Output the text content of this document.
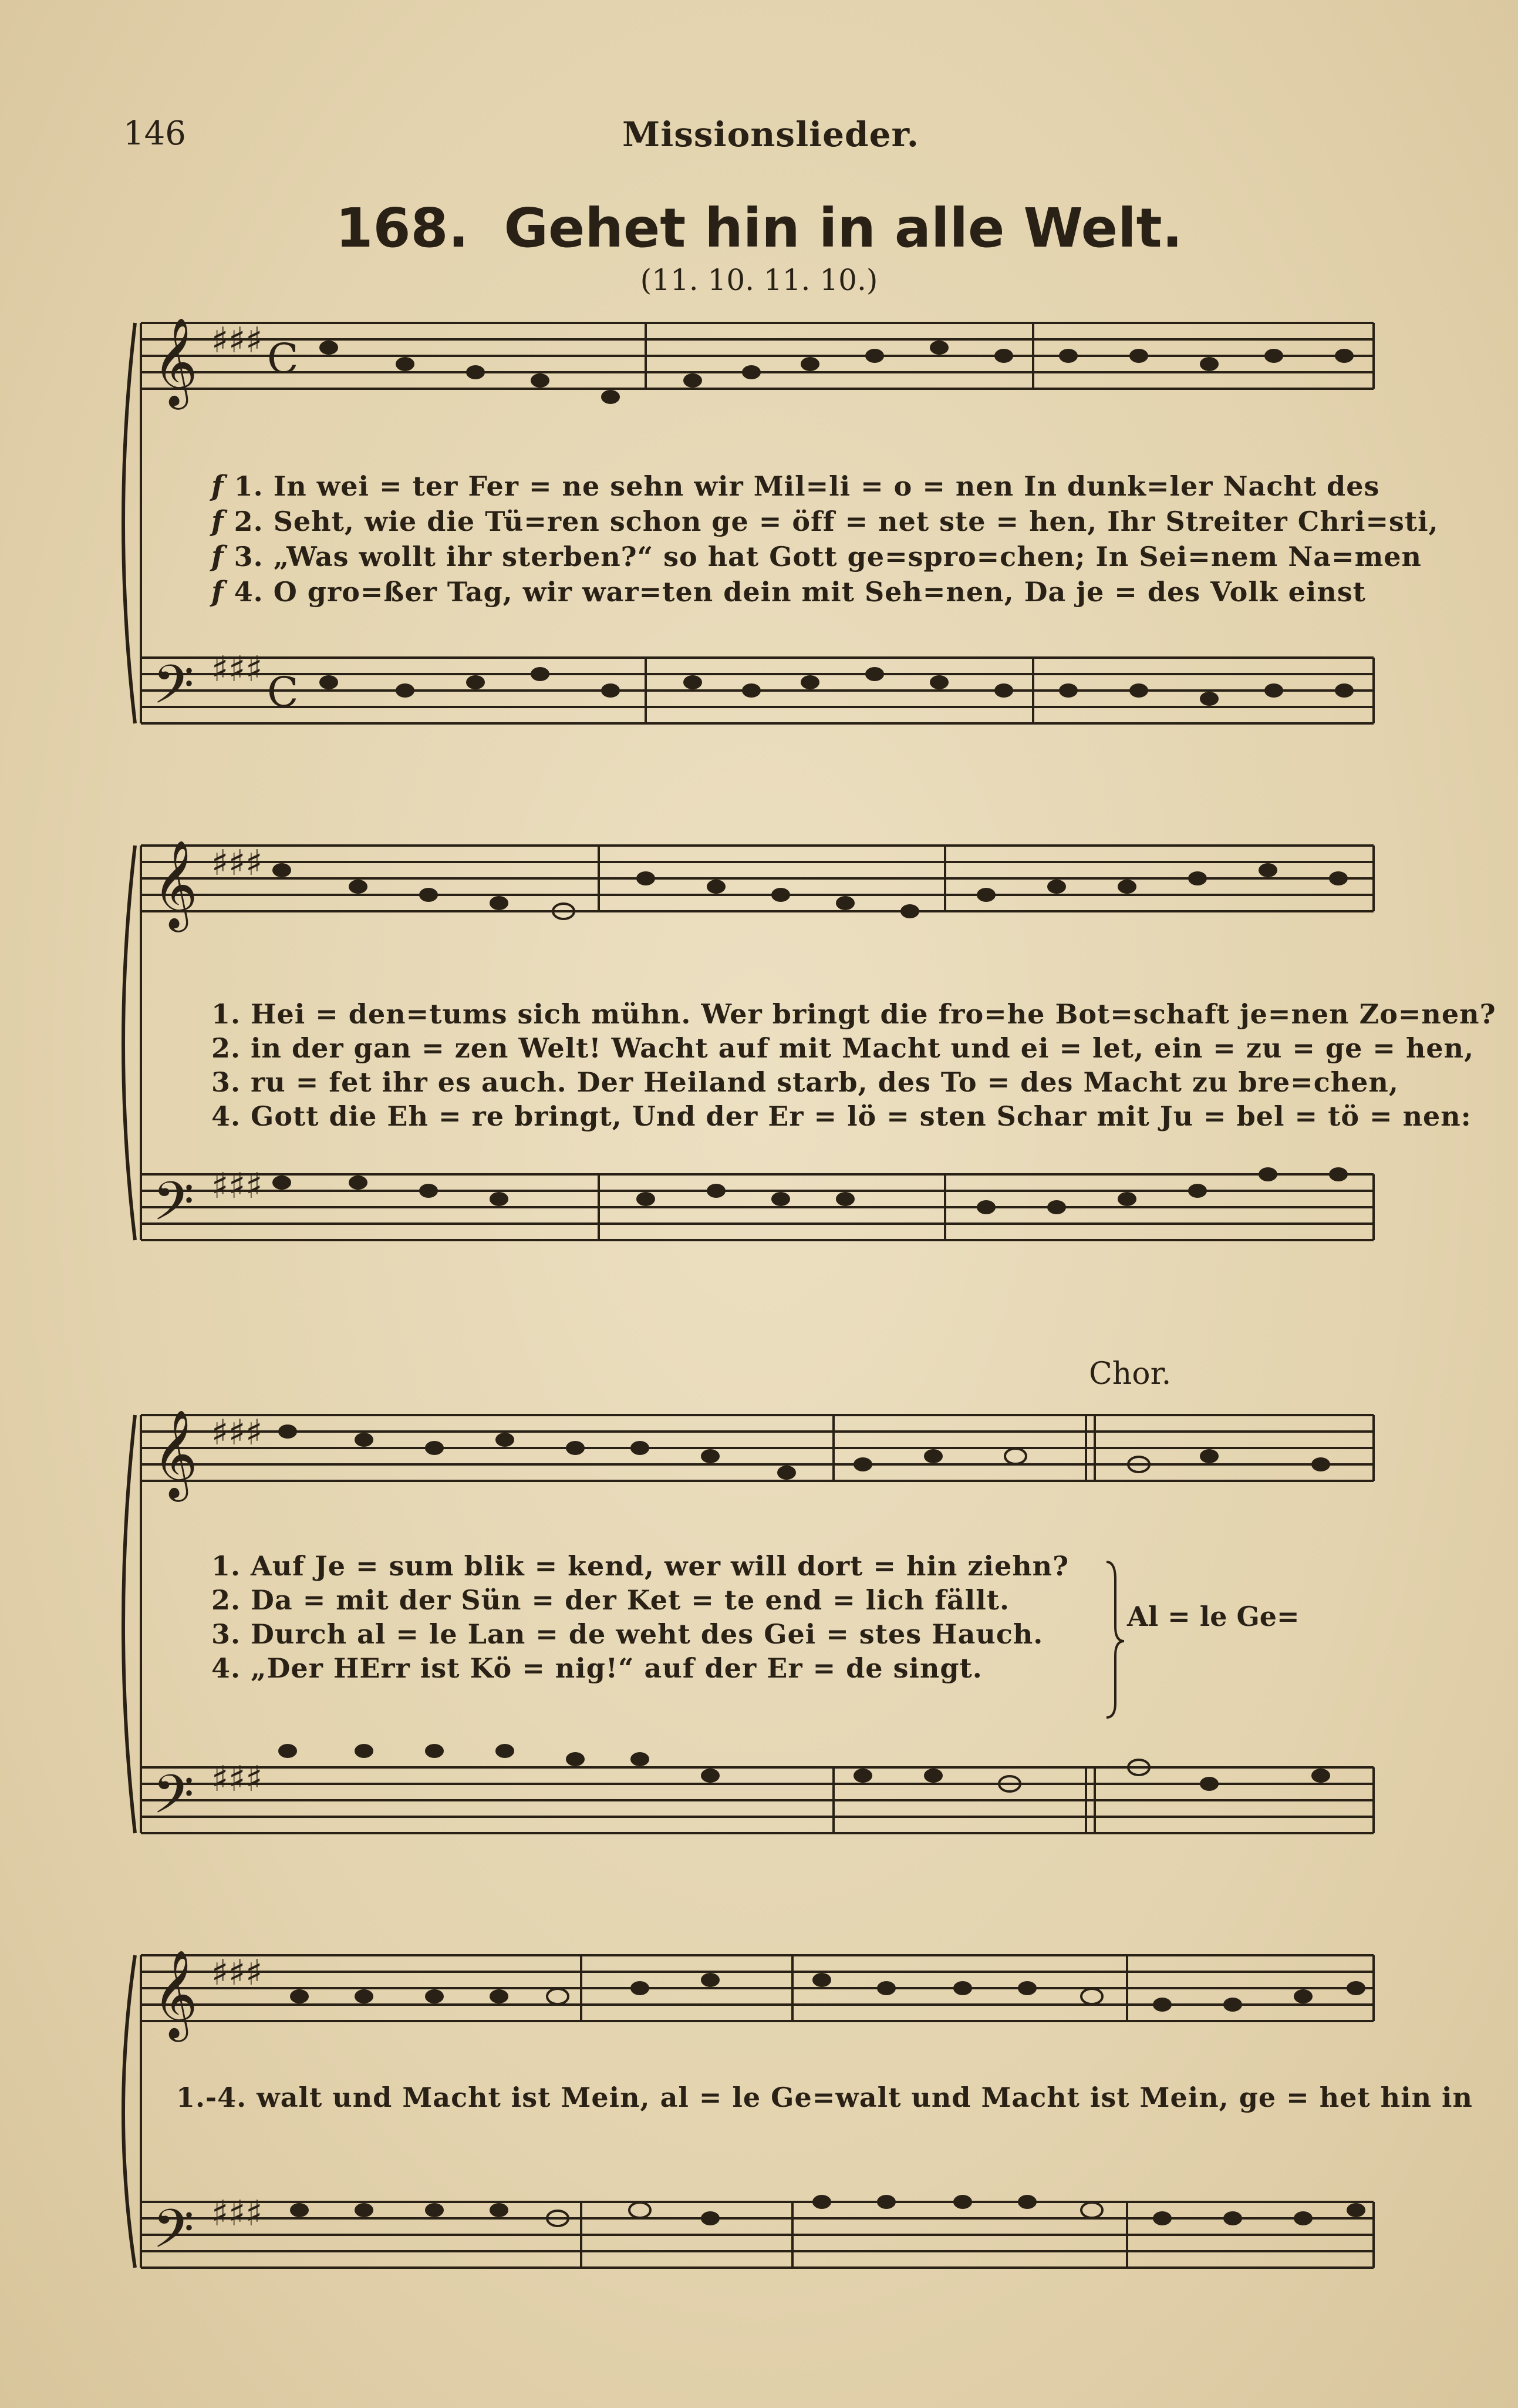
146	Missionslieder.
168. Gehet hin in alle Welt.
(11. 10. 11. 10.)
𝄞
𝄢
♯♯♯
♯♯♯
C
C
f 1. In wei = ter Fer = ne sehn wir Mil=li = o = nen In dunk=ler Nacht des
f 2. Seht, wie die Tü=ren schon ge = öff = net ste = hen, Ihr Streiter Chri=sti,
f 3. „Was wollt ihr sterben?“ so hat Gott ge=spro=chen; In Sei=nem Na=men
f 4. O gro=ßer Tag, wir war=ten dein mit Seh=nen, Da je = des Volk einst
𝄞
𝄢
♯♯♯
♯♯♯
1. Hei = den=tums sich mühn. Wer bringt die fro=he Bot=schaft je=nen Zo=nen?
2. in der gan = zen Welt! Wacht auf mit Macht und ei = let, ein = zu = ge = hen,
3. ru = fet ihr es auch. Der Heiland starb, des To = des Macht zu bre=chen,
4. Gott die Eh = re bringt, Und der Er = lö = sten Schar mit Ju = bel = tö = nen:
Chor.
𝄞
𝄢
♯♯♯
♯♯♯
1. Auf Je = sum blik = kend, wer will dort = hin ziehn?
2. Da = mit der Sün = der Ket = te end = lich fällt.
3. Durch al = le Lan = de weht des Gei = stes Hauch.
4. „Der HErr ist Kö = nig!“ auf der Er = de singt.
Al = le Ge=
𝄞
𝄢
♯♯♯
♯♯♯
1.-4. walt und Macht ist Mein, al = le Ge=walt und Macht ist Mein, ge = het hin in
